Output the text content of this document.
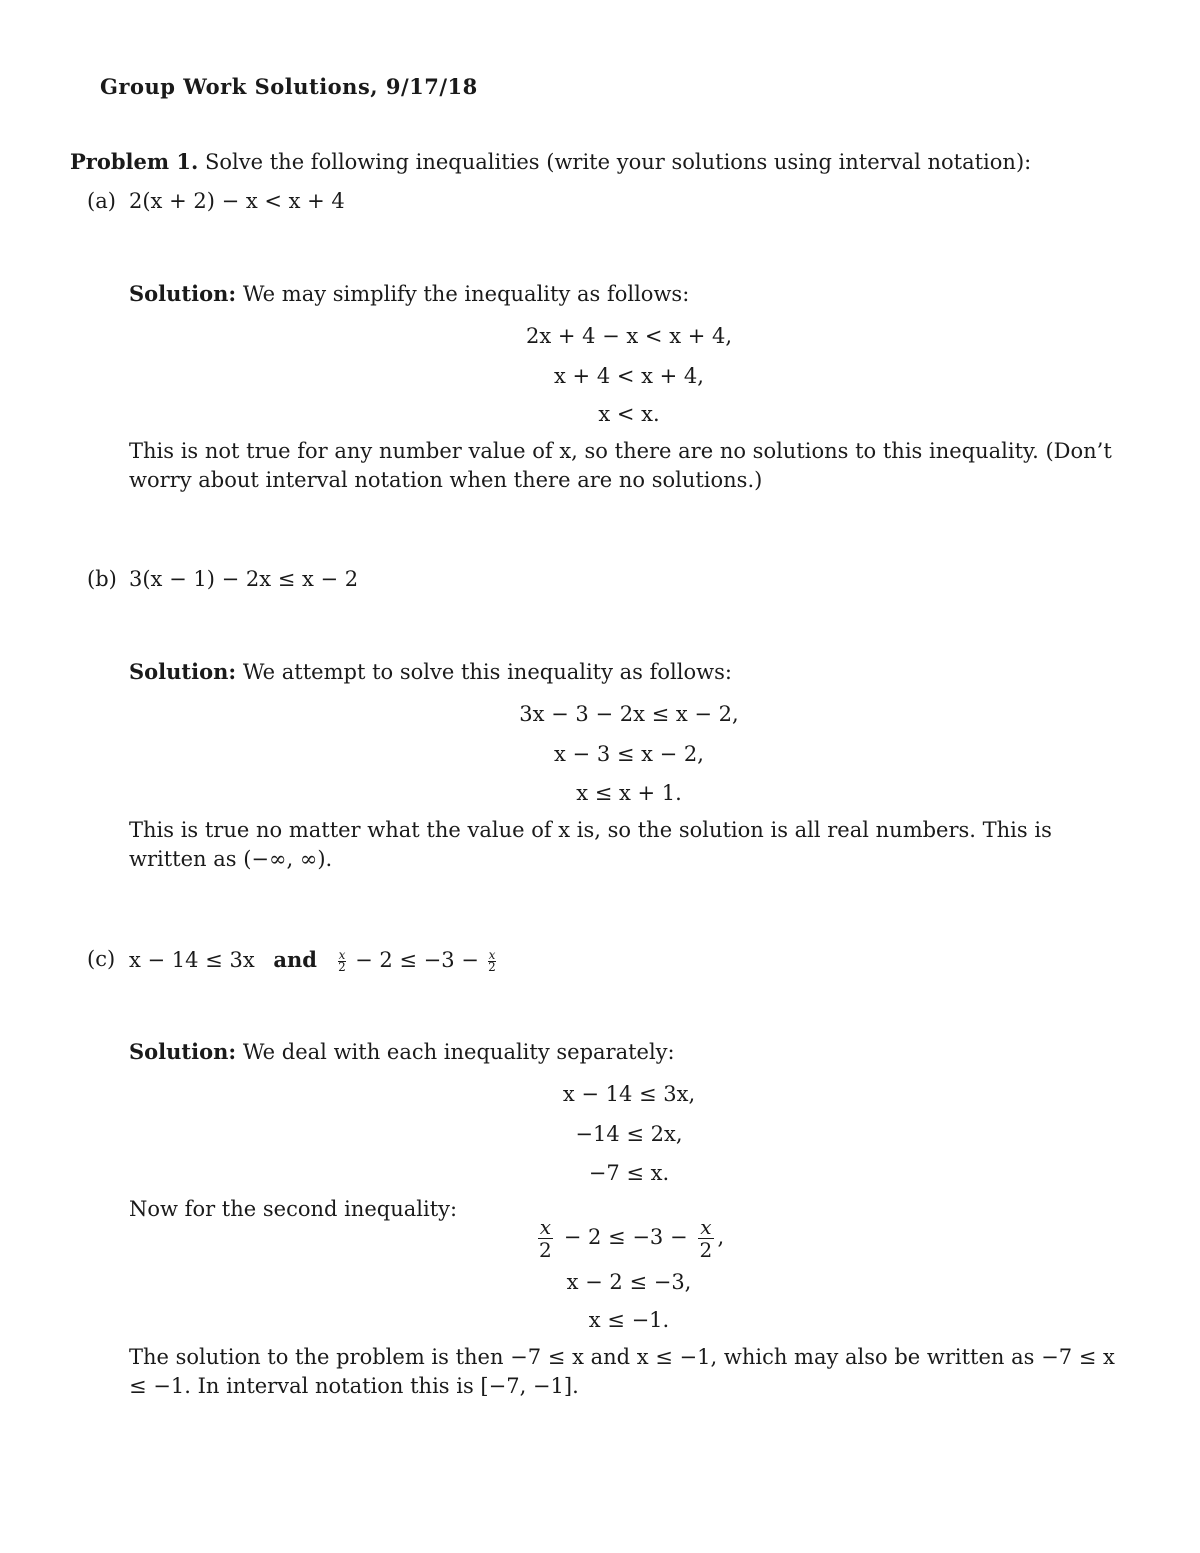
Group Work Solutions, 9/17/18
Problem 1. Solve the following inequalities (write your solutions using interval notation):
(a) 2(x + 2) − x < x + 4
Solution: We may simplify the inequality as follows:
2x + 4 − x < x + 4,
x + 4 < x + 4,
x < x.
This is not true for any number value of x, so there are no solutions to this inequality. (Don’t worry about interval notation when there are no solutions.)
(b) 3(x − 1) − 2x ≤ x − 2
Solution: We attempt to solve this inequality as follows:
3x − 3 − 2x ≤ x − 2,
x − 3 ≤ x − 2,
x ≤ x + 1.
This is true no matter what the value of x is, so the solution is all real numbers. This is written as (−∞, ∞).
(c) x − 14 ≤ 3x and $\frac{x}{2} - 2 \le -3 - \frac{x}{2}$
Solution: We deal with each inequality separately:
x − 14 ≤ 3x,
−14 ≤ 2x,
−7 ≤ x.
Now for the second inequality:
$\frac{x}{2} - 2 \le -3 - \frac{x}{2}$ ,
x − 2 ≤ −3,
x ≤ −1.
The solution to the problem is then −7 ≤ x and x ≤ −1, which may also be written as −7 ≤ x ≤ −1. In interval notation this is [−7, −1].
